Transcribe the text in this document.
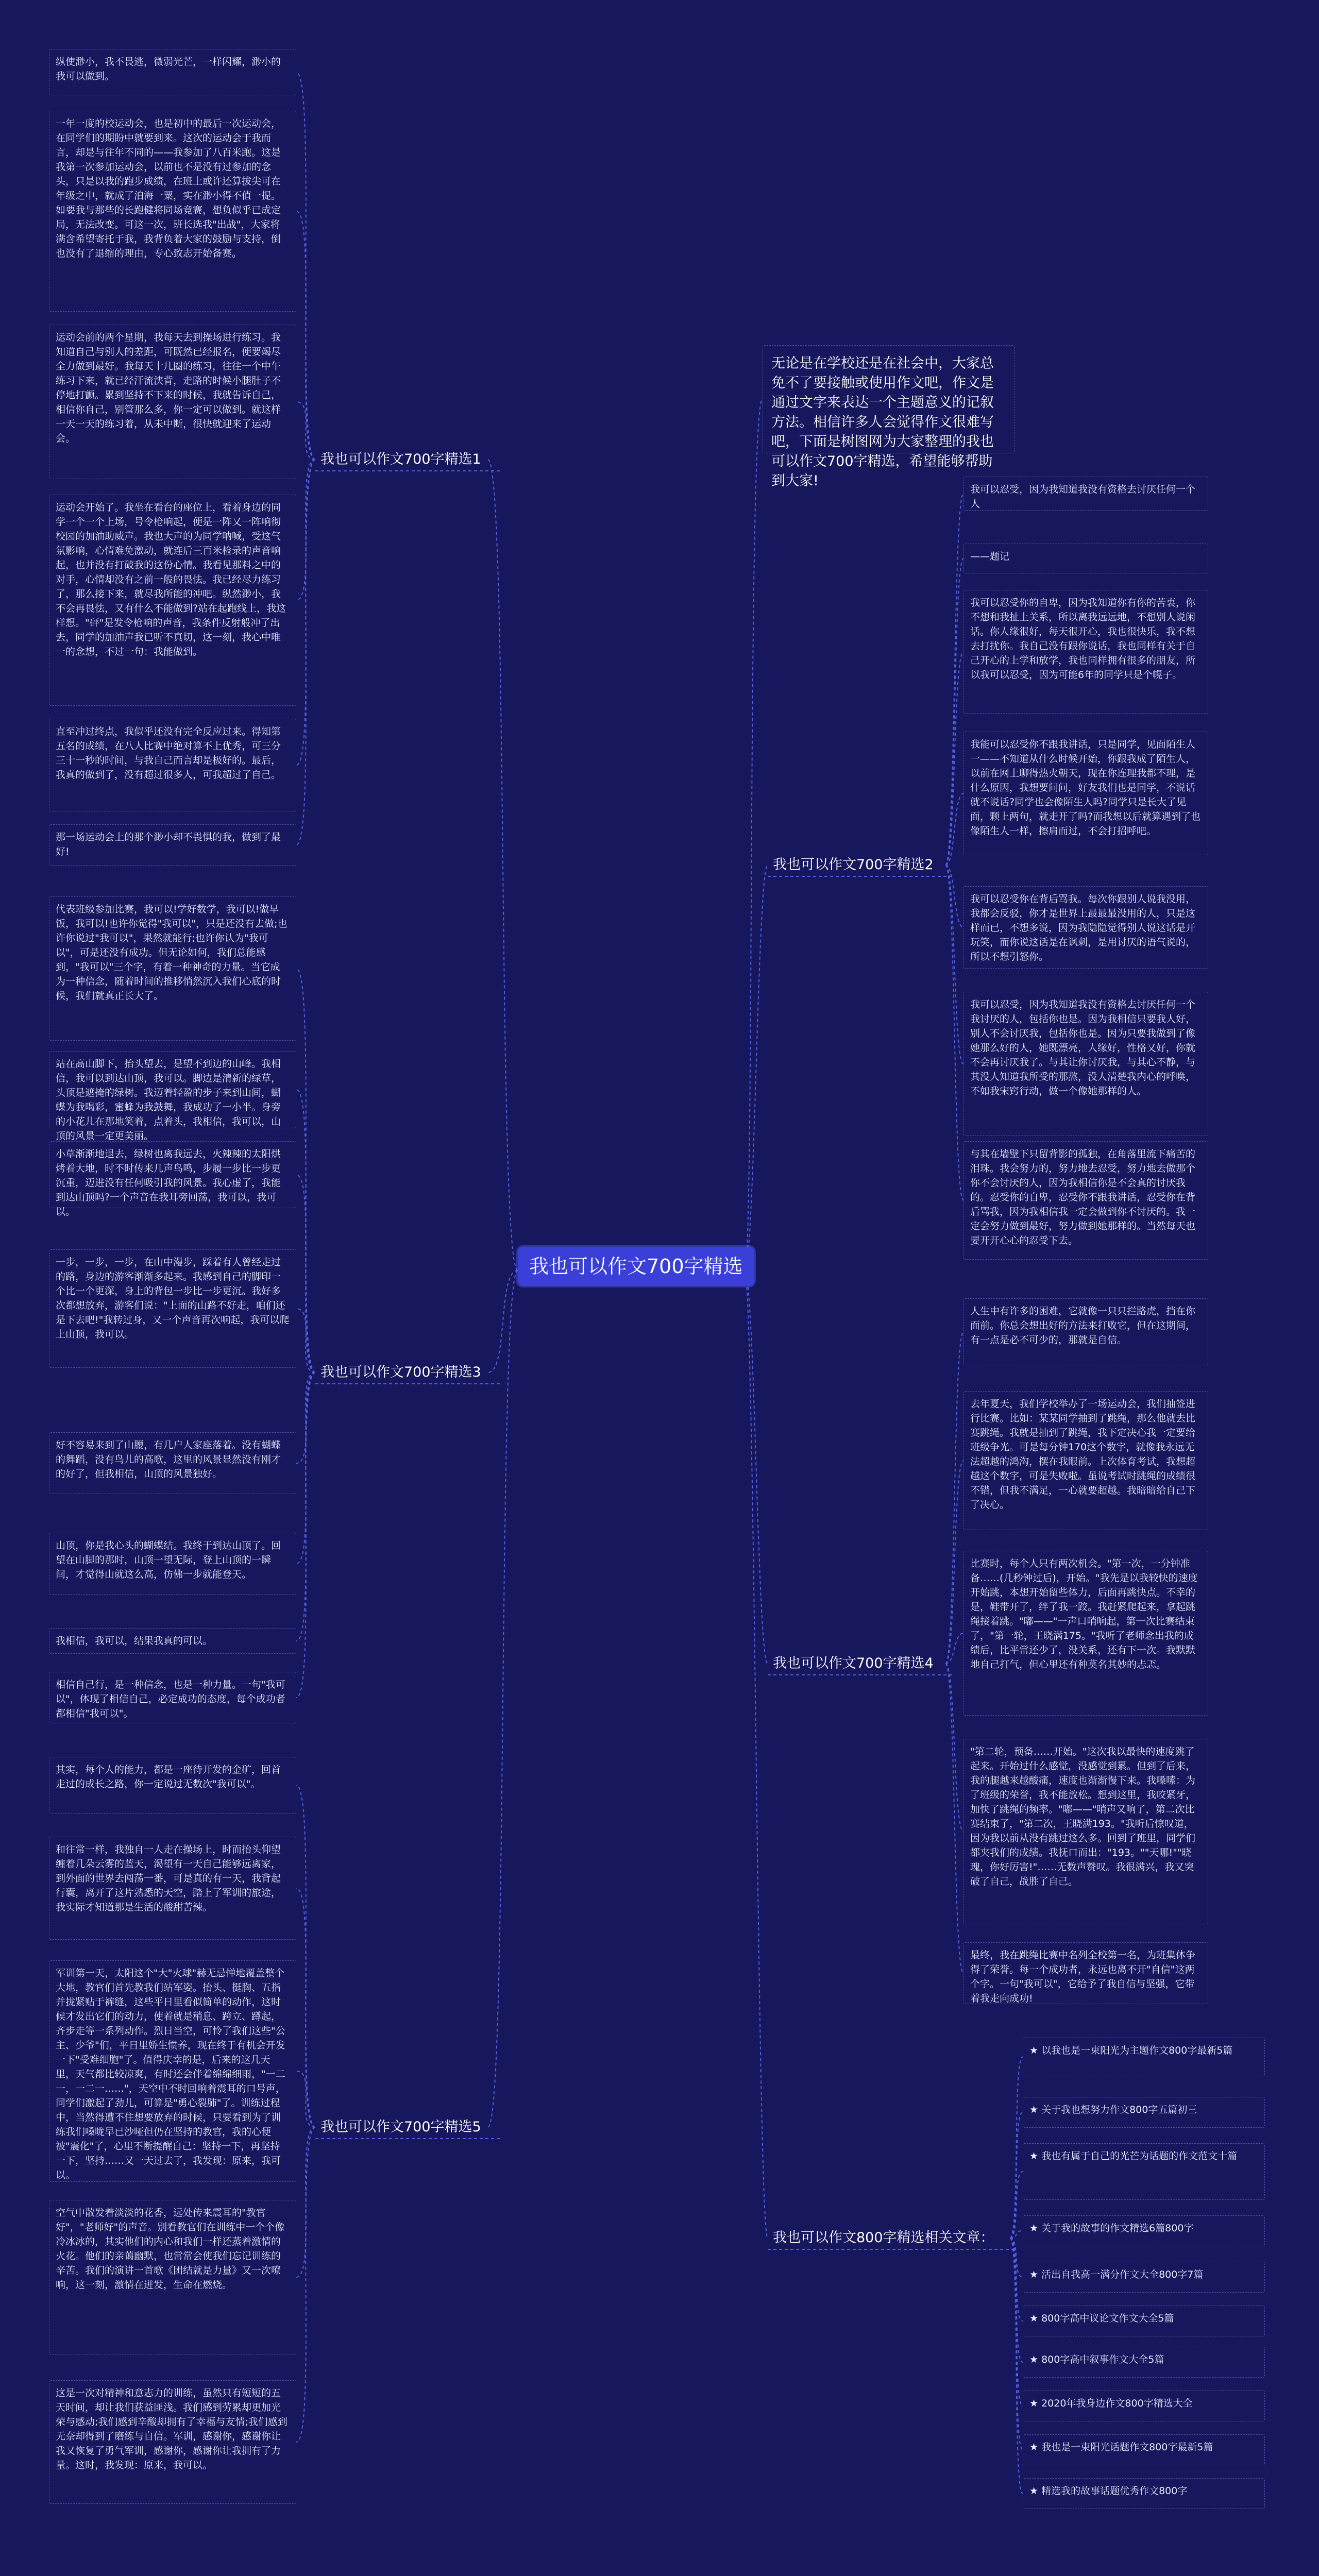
我也可以作文700字精选
我也可以作文700字精选1
纵使渺小，我不畏逃，微弱光芒，一样闪耀，渺小的我可以做到。
一年一度的校运动会，也是初中的最后一次运动会，在同学们的期盼中就要到来。这次的运动会于我而言，却是与往年不同的——我参加了八百米跑。这是我第一次参加运动会，以前也不是没有过参加的念头，只是以我的跑步成绩，在班上或许还算拔尖可在年级之中，就成了泊海一粟，实在渺小得不值一提。如要我与那些的长跑健将同场竞赛，想负似乎已成定局，无法改变。可这一次，班长选我"出战"，大家将满含希望寄托于我，我背负着大家的鼓励与支持，倒也没有了退缩的理由，专心致志开始备赛。
运动会前的两个星期，我每天去到操场进行练习。我知道自己与别人的差距，可既然已经报名，便要竭尽全力做到最好。我每天十几圈的练习，往往一个中午练习下来，就已经汗流浃背，走路的时候小腿肚子不停地打颤。累到坚持不下来的时候，我就告诉自己，相信你自己，别管那么多，你一定可以做到。就这样一天一天的练习着，从未中断，很快就迎来了运动会。
运动会开始了。我坐在看台的座位上，看着身边的同学一个一个上场，号令枪响起，便是一阵又一阵响彻校园的加油助威声。我也大声的为同学呐喊，受这气氛影响，心情难免激动，就连后三百米检录的声音响起，也并没有打破我的这份心情。我看见那料之中的对手，心情却没有之前一般的畏怯。我已经尽力练习了，那么接下来，就尽我所能的冲吧。纵然渺小，我不会再畏怯，又有什么不能做到?站在起跑线上，我这样想。"砰"是发令枪响的声音，我条件反射般冲了出去，同学的加油声我已听不真切，这一刻，我心中唯一的念想，不过一句：我能做到。
直至冲过终点，我似乎还没有完全反应过来。得知第五名的成绩，在八人比赛中绝对算不上优秀，可三分三十一秒的时间，与我自己而言却是极好的。最后，我真的做到了，没有超过很多人，可我超过了自己。
那一场运动会上的那个渺小却不畏惧的我，做到了最好!
我也可以作文700字精选3
代表班级参加比赛，我可以!学好数学，我可以!做早饭，我可以!也许你觉得"我可以"，只是还没有去做;也许你说过"我可以"，果然就能行;也许你认为"我可以"，可是还没有成功。但无论如何，我们总能感到，"我可以"三个字，有着一种神奇的力量。当它成为一种信念，随着时间的推移悄然沉入我们心底的时候，我们就真正长大了。
站在高山脚下，抬头望去，是望不到边的山峰。我相信，我可以到达山顶，我可以。脚边是清新的绿草，头顶是遮掩的绿树。我迈着轻盈的步子来到山间，蝴蝶为我喝彩，蜜蜂为我鼓舞，我成功了一小半。身旁的小花儿在那地笑着，点着头，我相信，我可以，山顶的风景一定更美丽。
小草渐渐地退去，绿树也离我远去，火辣辣的太阳烘烤着大地，时不时传来几声鸟鸣，步履一步比一步更沉重，迈进没有任何吸引我的风景。我心虚了，我能到达山顶吗?一个声音在我耳旁回荡，我可以，我可以。
一步，一步，一步，在山中漫步，踩着有人曾经走过的路，身边的游客渐渐多起来。我感到自己的脚印一个比一个更深，身上的背包一步比一步更沉。我好多次都想放弃，游客们说："上面的山路不好走，咱们还是下去吧!"我转过身，又一个声音再次响起，我可以爬上山顶，我可以。
好不容易来到了山腰，有几户人家座落着。没有蝴蝶的舞蹈，没有鸟儿的高歌，这里的风景显然没有刚才的好了，但我相信，山顶的风景独好。
山顶，你是我心头的蝴蝶结。我终于到达山顶了。回望在山脚的那时，山顶一望无际，登上山顶的一瞬间，才觉得山就这么高，仿佛一步就能登天。
我相信，我可以，结果我真的可以。
相信自己行，是一种信念，也是一种力量。一句"我可以"，体现了相信自己，必定成功的态度，每个成功者都相信"我可以"。
我也可以作文700字精选5
其实，每个人的能力，都是一座待开发的金矿，回首走过的成长之路，你一定说过无数次"我可以"。
和往常一样，我独自一人走在操场上，时而抬头仰望缠着几朵云雾的蓝天，渴望有一天自己能够远离家，到外面的世界去闯荡一番，可是真的有一天，我背起行囊，离开了这片熟悉的天空，踏上了军训的旅途，我实际才知道那是生活的酸甜苦辣。
军训第一天，太阳这个"大"火球"赫无忌惮地覆盖整个大地，教官们首先教我们站军姿。抬头、挺胸、五指并拢紧贴于裤缝，这些平日里看似简单的动作，这时候才发出它们的动力，使着就是稍息、跨立、蹲起，齐步走等一系列动作。烈日当空，可怜了我们这些"公主、少爷"们，平日里娇生惯养，现在终于有机会开发一下"受难细胞"了。值得庆幸的是，后来的这几天里，天气都比较凉爽，有时还会伴着绵绵细雨，"一二一，一二一……"，天空中不时回响着震耳的口号声，同学们激起了劲儿，可算是"勇心裂肺"了。训练过程中，当然得遭不住想要放弃的时候，只要看到为了训练我们嗓咙早已沙哑但仍在坚持的教官，我的心便被"震化"了，心里不断提醒自己：坚持一下，再坚持一下，坚持……又一天过去了，我发现：原来，我可以。
空气中散发着淡淡的花香，远处传来震耳的"教官好"，"老师好"的声音。别看教官们在训练中一个个像冷冰冰的，其实他们的内心和我们一样还蒸着激情的火花。他们的亲蔼幽默，也常常会使我们忘记训练的辛苦。我们的演讲一首歌《团结就是力量》又一次嘹响，这一刻，激情在迸发，生命在燃烧。
这是一次对精神和意志力的训练，虽然只有短短的五天时间，却让我们获益匪浅。我们感到劳累却更加光荣与感动;我们感到辛酸却拥有了幸福与友情;我们感到无奈却得到了磨练与自信。军训，感谢你，感谢你让我又恢复了勇气军训，感谢你，感谢你让我拥有了力量。这时，我发现：原来，我可以。
无论是在学校还是在社会中，大家总免不了要接触或使用作文吧，作文是通过文字来表达一个主题意义的记叙方法。相信许多人会觉得作文很难写吧，下面是树图网为大家整理的我也可以作文700字精选，希望能够帮助到大家!
我也可以作文700字精选2
我可以忍受，因为我知道我没有资格去讨厌任何一个人
——题记
我可以忍受你的自卑，因为我知道你有你的苦衷，你不想和我扯上关系，所以离我远远地，不想别人说闲话。你人缘很好，每天很开心，我也很快乐，我不想去打扰你。我自己没有跟你说话，我也同样有关于自己开心的上学和放学，我也同样拥有很多的朋友，所以我可以忍受，因为可能6年的同学只是个幌子。
我能可以忍受你不跟我讲话，只是同学，见面陌生人一——不知道从什么时候开始，你跟我成了陌生人，以前在网上聊得热火朝天，现在你连理我都不理，是什么原因，我想要问问，好友我们也是同学，不说话就不说话?同学也会像陌生人吗?同学只是长大了见面，颗上两句，就走开了吗?而我想以后就算遇到了也像陌生人一样，擦肩而过，不会打招呼吧。
我可以忍受你在背后骂我。每次你跟别人说我没用，我都会反驳，你才是世界上最最最没用的人，只是这样而已，不想多说，因为我隐隐觉得别人说这话是开玩笑，而你说这话是在讽刺，是用讨厌的语气说的，所以不想引怒你。
我可以忍受，因为我知道我没有资格去讨厌任何一个我讨厌的人，包括你也是。因为我相信只要我人好，别人不会讨厌我，包括你也是。因为只要我做到了像她那么好的人，她既漂亮，人缘好，性格又好，你就不会再讨厌我了。与其让你讨厌我，与其心不静，与其没人知道我所受的那熬，没人清楚我内心的呼唤，不如我宋窍行动，做一个像她那样的人。
与其在墙壁下只留背影的孤独，在角落里流下痛苦的泪珠。我会努力的，努力地去忍受，努力地去做那个你不会讨厌的人，因为我相信你是不会真的讨厌我的。忍受你的自卑，忍受你不跟我讲话，忍受你在背后骂我，因为我相信我一定会做到你不讨厌的。我一定会努力做到最好，努力做到她那样的。当然每天也要开开心心的忍受下去。
我也可以作文700字精选4
人生中有许多的困难，它就像一只只拦路虎，挡在你面前。你总会想出好的方法来打败它，但在这期间，有一点是必不可少的，那就是自信。
去年夏天，我们学校举办了一场运动会，我们抽签进行比赛。比如：某某同学抽到了跳绳，那么他就去比赛跳绳。我就是抽到了跳绳，我下定决心我一定要给班级争光。可是每分钟170这个数字，就像我永远无法超越的鸿沟，摆在我眼前。上次体育考试，我想超越这个数字，可是失败啦。虽说考试时跳绳的成绩很不错，但我不满足，一心就要超越。我暗暗给自己下了决心。
比赛时，每个人只有两次机会。"第一次，一分钟准备……(几秒钟过后)，开始。"我先是以我较快的速度开始跳，本想开始留些体力，后面再跳快点。不幸的是，鞋带开了，绊了我一跤。我赶紧爬起来，拿起跳绳接着跳。"嘟——"一声口哨响起，第一次比赛结束了，"第一轮，王晓满175。"我听了老师念出我的成绩后，比平常还少了，没关系，还有下一次。我默默地自己打气，但心里还有种莫名其妙的忐忑。
"第二轮，预备……开始。"这次我以最快的速度跳了起来。开始过什么感觉，没感觉到累。但到了后来，我的腿越来越酸痛，速度也渐渐慢下来。我嗓嗦：为了班级的荣誉，我不能放松。想到这里，我咬紧牙，加快了跳绳的频率。"嘟——"哨声又响了，第二次比赛结束了，"第二次，王晓满193。"我听后惊叹道，因为我以前从没有跳过这么多。回到了班里，同学们都夹我们的成绩。我抚口而出："193。""天哪!""晓瑰，你好厉害!"……无数声赞叹。我很满兴，我又突破了自己，战胜了自己。
最终，我在跳绳比赛中名列全校第一名，为班集体争得了荣誉。每一个成功者，永远也离不开"自信"这两个字。一句"我可以"，它给予了我自信与坚强，它带着我走向成功!
我也可以作文800字精选相关文章：
★ 以我也是一束阳光为主题作文800字最新5篇
★ 关于我也想努力作文800字五篇初三
★ 我也有属于自己的光芒为话题的作文范文十篇
★ 关于我的故事的作文精选6篇800字
★ 活出自我高一满分作文大全800字7篇
★ 800字高中议论文作文大全5篇
★ 800字高中叙事作文大全5篇
★ 2020年我身边作文800字精选大全
★ 我也是一束阳光话题作文800字最新5篇
★ 精选我的故事话题优秀作文800字
